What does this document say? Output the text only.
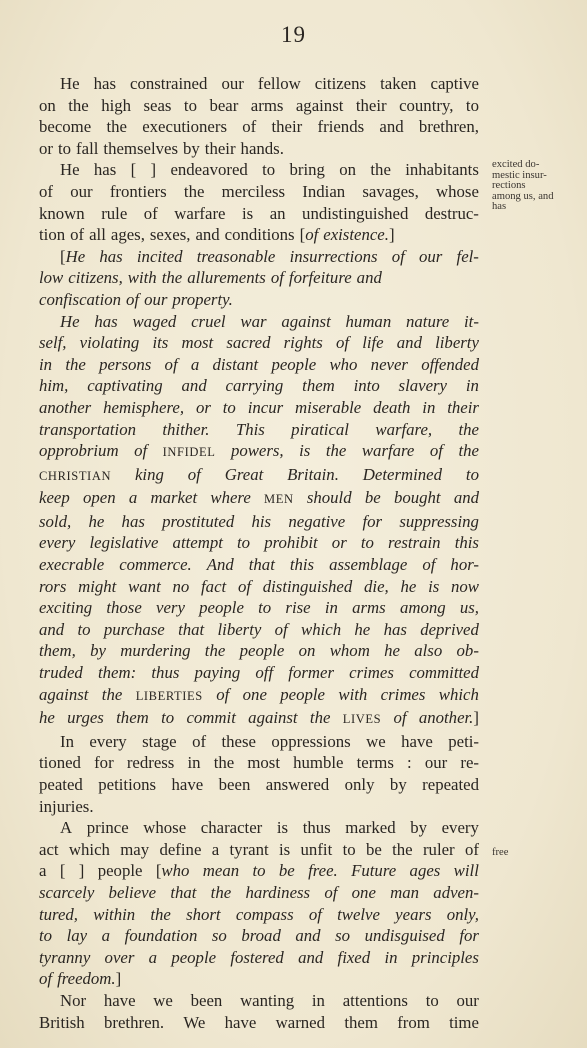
19
He has constrained our fellow citizens taken captive
on the high seas to bear arms against their country, to
become the executioners of their friends and brethren,
or to fall themselves by their hands.
He has [ ] endeavored to bring on the inhabitants
of our frontiers the merciless Indian savages, whose
known rule of warfare is an undistinguished destruc-
tion of all ages, sexes, and conditions [of existence.]
[He has incited treasonable insurrections of our fel-
low citizens, with the allurements of forfeiture and
confiscation of our property.
He has waged cruel war against human nature it-
self, violating its most sacred rights of life and liberty
in the persons of a distant people who never offended
him, captivating and carrying them into slavery in
another hemisphere, or to incur miserable death in their
transportation thither. This piratical warfare, the
opprobrium of INFIDEL powers, is the warfare of the
CHRISTIAN king of Great Britain. Determined to
keep open a market where MEN should be bought and
sold, he has prostituted his negative for suppressing
every legislative attempt to prohibit or to restrain this
execrable commerce. And that this assemblage of hor-
rors might want no fact of distinguished die, he is now
exciting those very people to rise in arms among us,
and to purchase that liberty of which he has deprived
them, by murdering the people on whom he also ob-
truded them: thus paying off former crimes committed
against the LIBERTIES of one people with crimes which
he urges them to commit against the LIVES of another.]
In every stage of these oppressions we have peti-
tioned for redress in the most humble terms : our re-
peated petitions have been answered only by repeated
injuries.
A prince whose character is thus marked by every
act which may define a tyrant is unfit to be the ruler of
a [ ] people [who mean to be free. Future ages will
scarcely believe that the hardiness of one man adven-
tured, within the short compass of twelve years only,
to lay a foundation so broad and so undisguised for
tyranny over a people fostered and fixed in principles
of freedom.]
Nor have we been wanting in attentions to our
British brethren. We have warned them from time
excited do-
mestic insur-
rections
among us, and
has
free
